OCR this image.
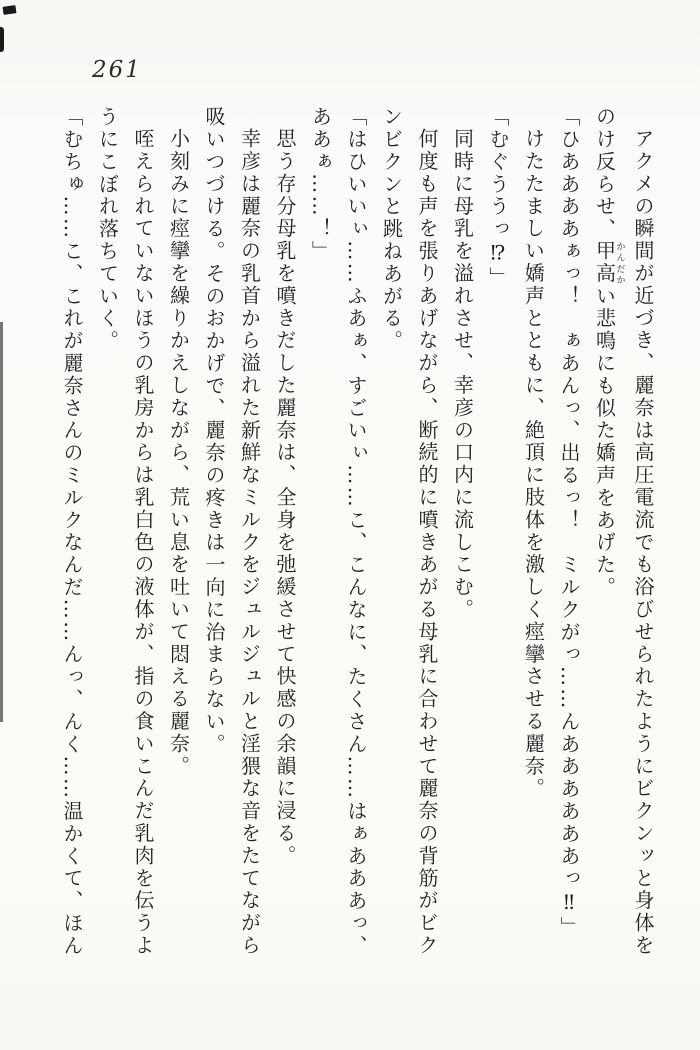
261

アクメの瞬間が近づき、麗奈は高圧電流でも浴びせられたようにビクンッと身体を

のけ反らせ、甲高かんだかい悲鳴にも似た嬌声をあげた。

「ひああああぁっ！　ぁあんっ、出るっ！　ミルクがっ……んああああああっ‼」

けたたましい嬌声とともに、絶頂に肢体を激しく痙攣させる麗奈。

「むぐううっ⁉」

同時に母乳を溢れさせ、幸彦の口内に流しこむ。

何度も声を張りあげながら、断続的に噴きあがる母乳に合わせて麗奈の背筋がビク

ンビクンと跳ねあがる。

「はひいいぃ……ふあぁ、すごいぃ……こ、こんなに、たくさん……はぁあああっ、

ああぁ……！」

思う存分母乳を噴きだした麗奈は、全身を弛緩させて快感の余韻に浸る。

幸彦は麗奈の乳首から溢れた新鮮なミルクをジュルジュルと淫猥な音をたてながら

吸いつづける。そのおかげで、麗奈の疼きは一向に治まらない。

小刻みに痙攣を繰りかえしながら、荒い息を吐いて悶える麗奈。

咥えられていないほうの乳房からは乳白色の液体が、指の食いこんだ乳肉を伝うよ

うにこぼれ落ちていく。

「むちゅ……こ、これが麗奈さんのミルクなんだ……んっ、んく……温かくて、ほん
